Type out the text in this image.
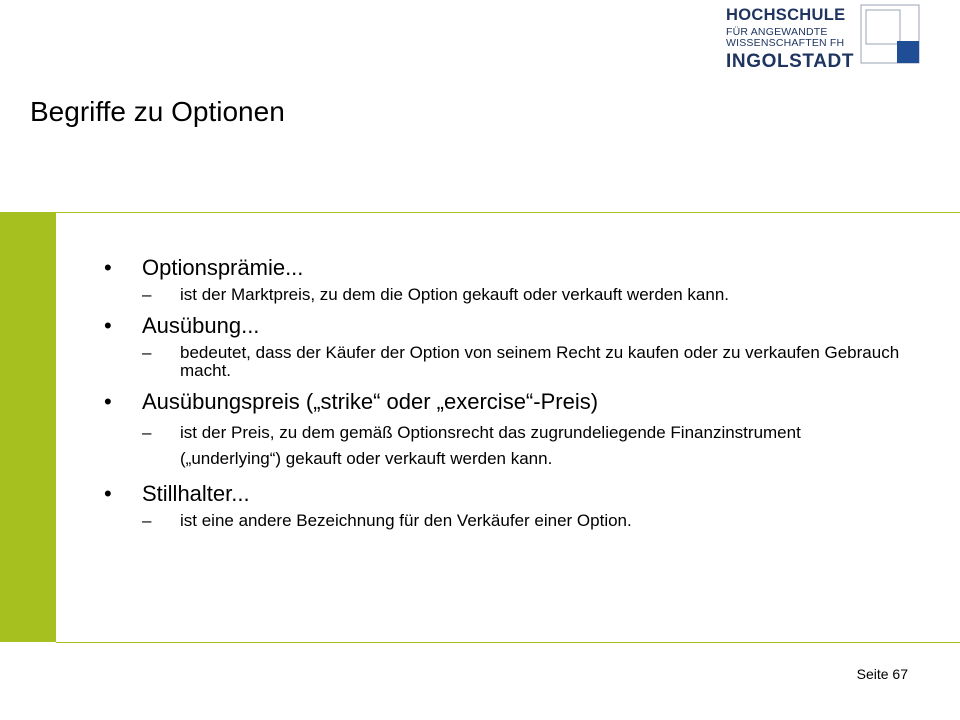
HOCHSCHULE
FÜR ANGEWANDTE
WISSENSCHAFTEN FH
INGOLSTADT
Begriffe zu Optionen
• Optionsprämie...
– ist der Marktpreis, zu dem die Option gekauft oder verkauft werden kann.
• Ausübung...
– bedeutet, dass der Käufer der Option von seinem Recht zu kaufen oder zu verkaufen Gebrauch macht.
• Ausübungspreis („strike“ oder „exercise“-Preis)
– ist der Preis, zu dem gemäß Optionsrecht das zugrundeliegende Finanzinstrument („underlying“) gekauft oder verkauft werden kann.
• Stillhalter...
– ist eine andere Bezeichnung für den Verkäufer einer Option.
Seite 67
